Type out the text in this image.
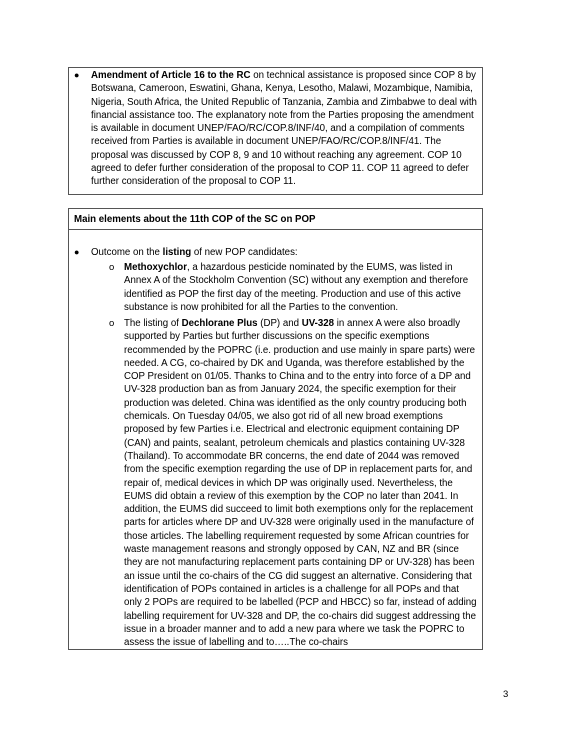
● Amendment of Article 16 to the RC on technical assistance is proposed since COP 8 by Botswana, Cameroon, Eswatini, Ghana, Kenya, Lesotho, Malawi, Mozambique, Namibia, Nigeria, South Africa, the United Republic of Tanzania, Zambia and Zimbabwe to deal with financial assistance too. The explanatory note from the Parties proposing the amendment is available in document UNEP/FAO/RC/COP.8/INF/40, and a compilation of comments received from Parties is available in document UNEP/FAO/RC/COP.8/INF/41. The proposal was discussed by COP 8, 9 and 10 without reaching any agreement. COP 10 agreed to defer further consideration of the proposal to COP 11. COP 11 agreed to defer further consideration of the proposal to COP 11.

Main elements about the 11th COP of the SC on POP
● Outcome on the listing of new POP candidates:

o Methoxychlor, a hazardous pesticide nominated by the EUMS, was listed in Annex A of the Stockholm Convention (SC) without any exemption and therefore identified as POP the first day of the meeting. Production and use of this active substance is now prohibited for all the Parties to the convention.

o The listing of Dechlorane Plus (DP) and UV-328 in annex A were also broadly supported by Parties but further discussions on the specific exemptions recommended by the POPRC (i.e. production and use mainly in spare parts) were needed. A CG, co-chaired by DK and Uganda, was therefore established by the COP President on 01/05. Thanks to China and to the entry into force of a DP and UV-328 production ban as from January 2024, the specific exemption for their production was deleted. China was identified as the only country producing both chemicals. On Tuesday 04/05, we also got rid of all new broad exemptions proposed by few Parties i.e. Electrical and electronic equipment containing DP (CAN) and paints, sealant, petroleum chemicals and plastics containing UV-328 (Thailand). To accommodate BR concerns, the end date of 2044 was removed from the specific exemption regarding the use of DP in replacement parts for, and repair of, medical devices in which DP was originally used. Nevertheless, the EUMS did obtain a review of this exemption by the COP no later than 2041. In addition, the EUMS did succeed to limit both exemptions only for the replacement parts for articles where DP and UV-328 were originally used in the manufacture of those articles. The labelling requirement requested by some African countries for waste management reasons and strongly opposed by CAN, NZ and BR (since they are not manufacturing replacement parts containing DP or UV-328) has been an issue until the co-chairs of the CG did suggest an alternative. Considering that identification of POPs contained in articles is a challenge for all POPs and that only 2 POPs are required to be labelled (PCP and HBCC) so far, instead of adding labelling requirement for UV-328 and DP, the co-chairs did suggest addressing the issue in a broader manner and to add a new para where we task the POPRC to assess the issue of labelling and to…..The co-chairs

3
